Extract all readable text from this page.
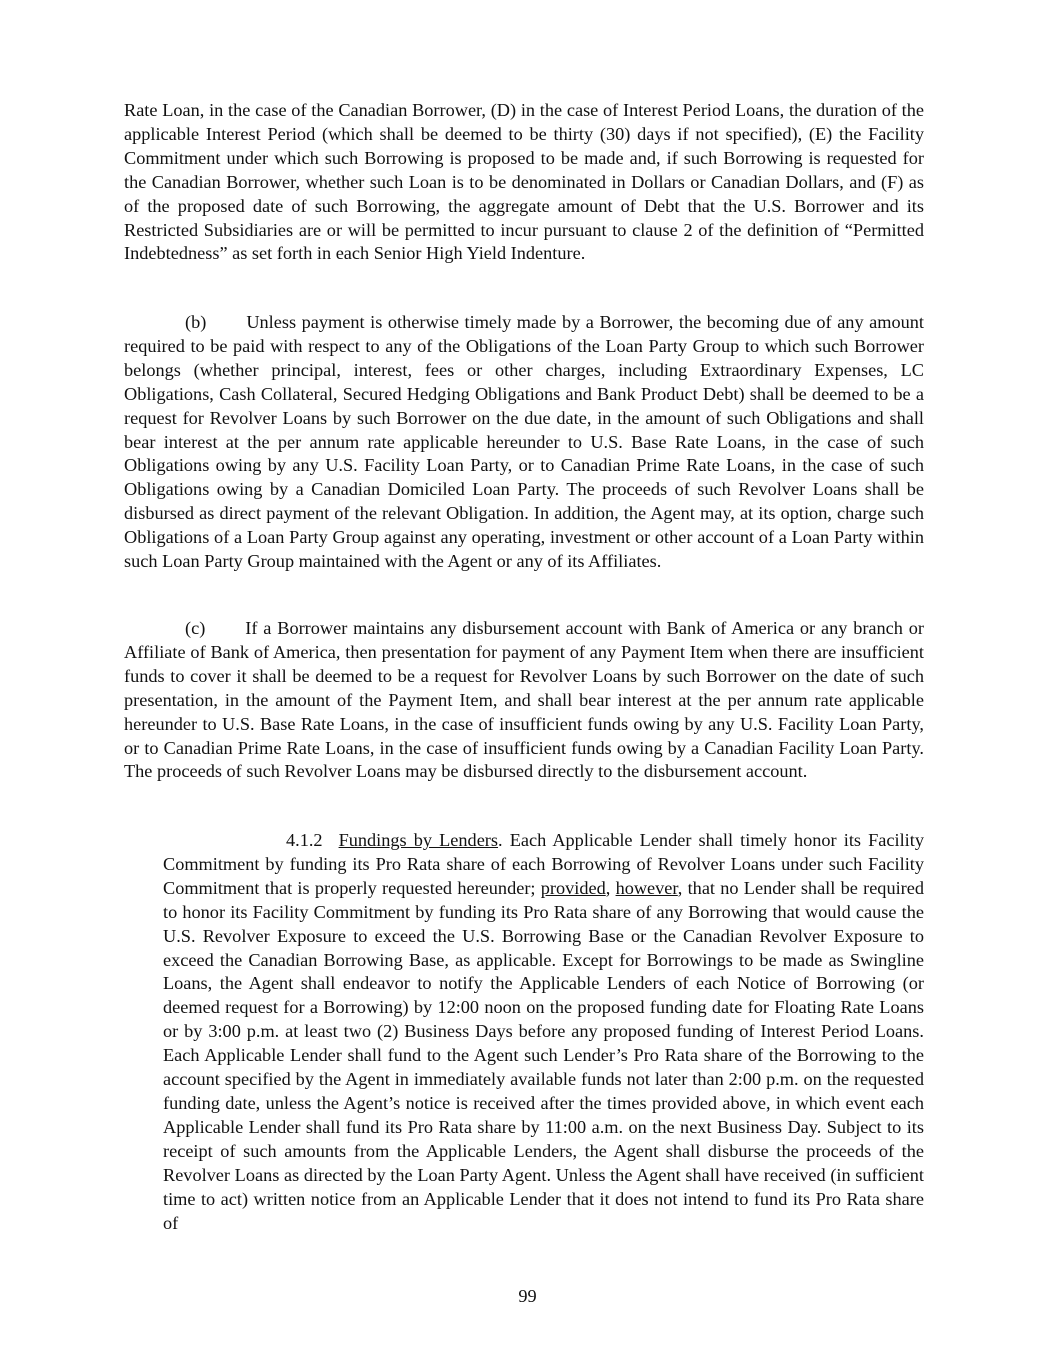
Rate Loan, in the case of the Canadian Borrower, (D) in the case of Interest Period Loans, the duration of the applicable Interest Period (which shall be deemed to be thirty (30) days if not specified), (E) the Facility Commitment under which such Borrowing is proposed to be made and, if such Borrowing is requested for the Canadian Borrower, whether such Loan is to be denominated in Dollars or Canadian Dollars, and (F) as of the proposed date of such Borrowing, the aggregate amount of Debt that the U.S. Borrower and its Restricted Subsidiaries are or will be permitted to incur pursuant to clause 2 of the definition of “Permitted Indebtedness” as set forth in each Senior High Yield Indenture.

(b) Unless payment is otherwise timely made by a Borrower, the becoming due of any amount required to be paid with respect to any of the Obligations of the Loan Party Group to which such Borrower belongs (whether principal, interest, fees or other charges, including Extraordinary Expenses, LC Obligations, Cash Collateral, Secured Hedging Obligations and Bank Product Debt) shall be deemed to be a request for Revolver Loans by such Borrower on the due date, in the amount of such Obligations and shall bear interest at the per annum rate applicable hereunder to U.S. Base Rate Loans, in the case of such Obligations owing by any U.S. Facility Loan Party, or to Canadian Prime Rate Loans, in the case of such Obligations owing by a Canadian Domiciled Loan Party. The proceeds of such Revolver Loans shall be disbursed as direct payment of the relevant Obligation. In addition, the Agent may, at its option, charge such Obligations of a Loan Party Group against any operating, investment or other account of a Loan Party within such Loan Party Group maintained with the Agent or any of its Affiliates.

(c) If a Borrower maintains any disbursement account with Bank of America or any branch or Affiliate of Bank of America, then presentation for payment of any Payment Item when there are insufficient funds to cover it shall be deemed to be a request for Revolver Loans by such Borrower on the date of such presentation, in the amount of the Payment Item, and shall bear interest at the per annum rate applicable hereunder to U.S. Base Rate Loans, in the case of insufficient funds owing by any U.S. Facility Loan Party, or to Canadian Prime Rate Loans, in the case of insufficient funds owing by a Canadian Facility Loan Party. The proceeds of such Revolver Loans may be disbursed directly to the disbursement account.

4.1.2 Fundings by Lenders. Each Applicable Lender shall timely honor its Facility Commitment by funding its Pro Rata share of each Borrowing of Revolver Loans under such Facility Commitment that is properly requested hereunder; provided, however, that no Lender shall be required to honor its Facility Commitment by funding its Pro Rata share of any Borrowing that would cause the U.S. Revolver Exposure to exceed the U.S. Borrowing Base or the Canadian Revolver Exposure to exceed the Canadian Borrowing Base, as applicable. Except for Borrowings to be made as Swingline Loans, the Agent shall endeavor to notify the Applicable Lenders of each Notice of Borrowing (or deemed request for a Borrowing) by 12:00 noon on the proposed funding date for Floating Rate Loans or by 3:00 p.m. at least two (2) Business Days before any proposed funding of Interest Period Loans. Each Applicable Lender shall fund to the Agent such Lender’s Pro Rata share of the Borrowing to the account specified by the Agent in immediately available funds not later than 2:00 p.m. on the requested funding date, unless the Agent’s notice is received after the times provided above, in which event each Applicable Lender shall fund its Pro Rata share by 11:00 a.m. on the next Business Day. Subject to its receipt of such amounts from the Applicable Lenders, the Agent shall disburse the proceeds of the Revolver Loans as directed by the Loan Party Agent. Unless the Agent shall have received (in sufficient time to act) written notice from an Applicable Lender that it does not intend to fund its Pro Rata share of

99
